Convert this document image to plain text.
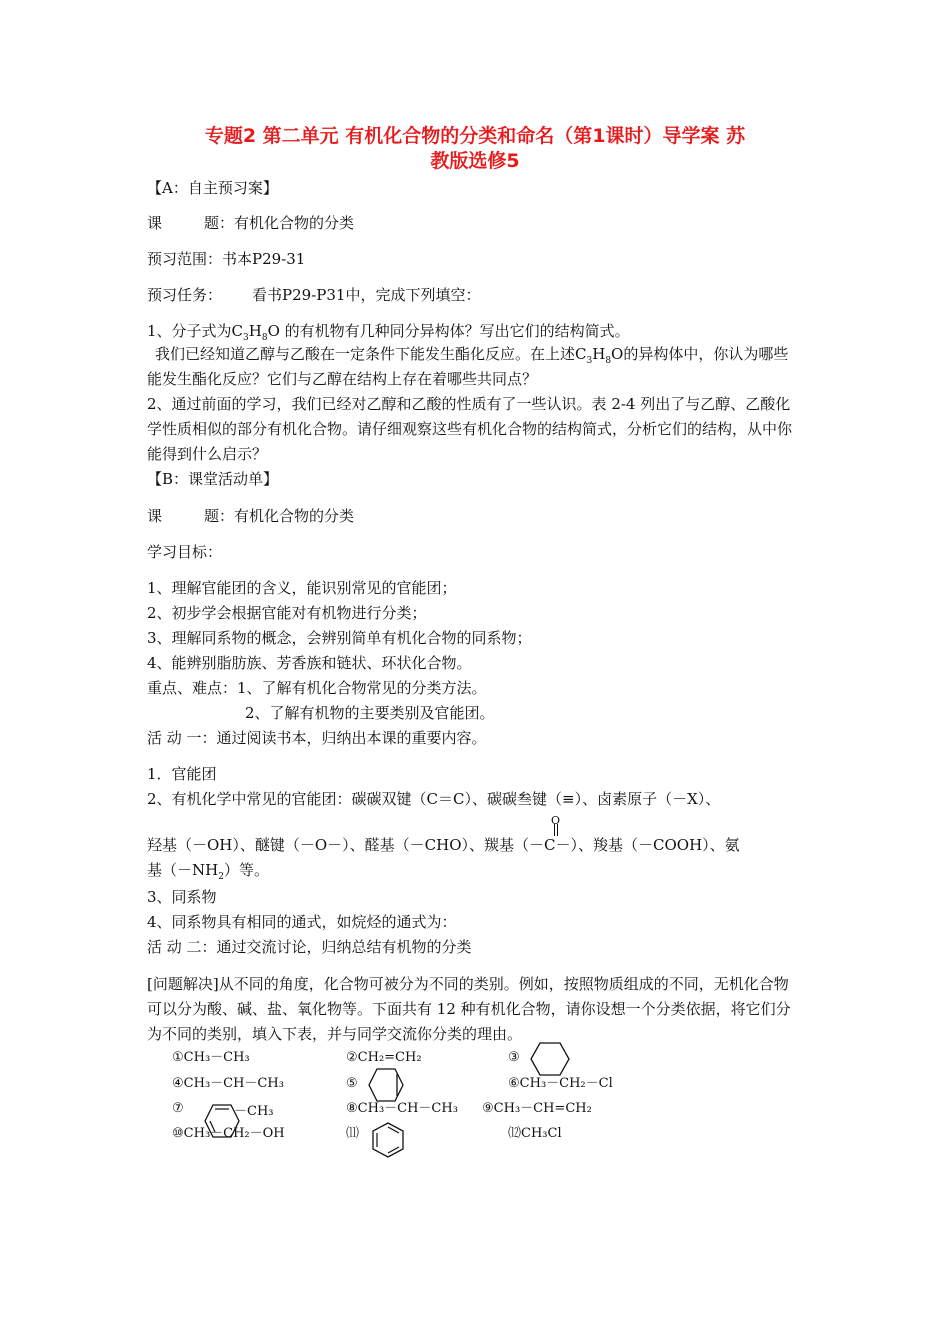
专题2 第二单元 有机化合物的分类和命名（第1课时）导学案 苏
教版选修5
【A：自主预习案】
课	题：有机化合物的分类
预习范围：书本P29-31
预习任务： 看书P29-P31中，完成下列填空：
1、分子式为$C_3H_8O$ 的有机物有几种同分异构体？写出它们的结构简式。
我们已经知道乙醇与乙酸在一定条件下能发生酯化反应。在上述$C_3H_8O$的异构体中，你认为哪些能发生酯化反应？它们与乙醇在结构上存在着哪些共同点？
2、通过前面的学习，我们已经对乙醇和乙酸的性质有了一些认识。表 2-4 列出了与乙醇、乙酸化学性质相似的部分有机化合物。请仔细观察这些有机化合物的结构简式，分析它们的结构，从中你能得到什么启示？
【B：课堂活动单】
课	题：有机化合物的分类
学习目标：
1、理解官能团的含义，能识别常见的官能团；
2、初步学会根据官能对有机物进行分类；
3、理解同系物的概念，会辨别简单有机化合物的同系物；
4、能辨别脂肪族、芳香族和链状、环状化合物。
重点、难点：1、了解有机化合物常见的分类方法。
2、了解有机物的主要类别及官能团。
活 动 一：通过阅读书本，归纳出本课的重要内容。
1．官能团
2、有机化学中常见的官能团：碳碳双键（C＝C）、碳碳叁键（≡）、卤素原子（－X）、
羟基（－OH）、醚键（－O－）、醛基（－CHO）、羰基（
O
－C－）、羧基（－COOH）、氨
基$(-NH_2)$等。
3、同系物
4、同系物具有相同的通式，如烷烃的通式为：
活 动 二：通过交流讨论，归纳总结有机物的分类
[问题解决]从不同的角度，化合物可被分为不同的类别。例如，按照物质组成的不同，无机化合物可以分为酸、碱、盐、氧化物等。下面共有 12 种有机化合物，请你设想一个分类依据，将它们分为不同的类别，填入下表，并与同学交流你分类的理由。
①CH₃－CH₃	②CH₂=CH₂	③
④CH₃－CH－CH₃	⑤	⑥CH₃－CH₂－Cl
⑦	－CH₃	⑧CH₃－CH－CH₃ ⑨CH₃－CH=CH₂
⑩CH₃－CH₂－OH	⑾	⑿CH₃Cl
